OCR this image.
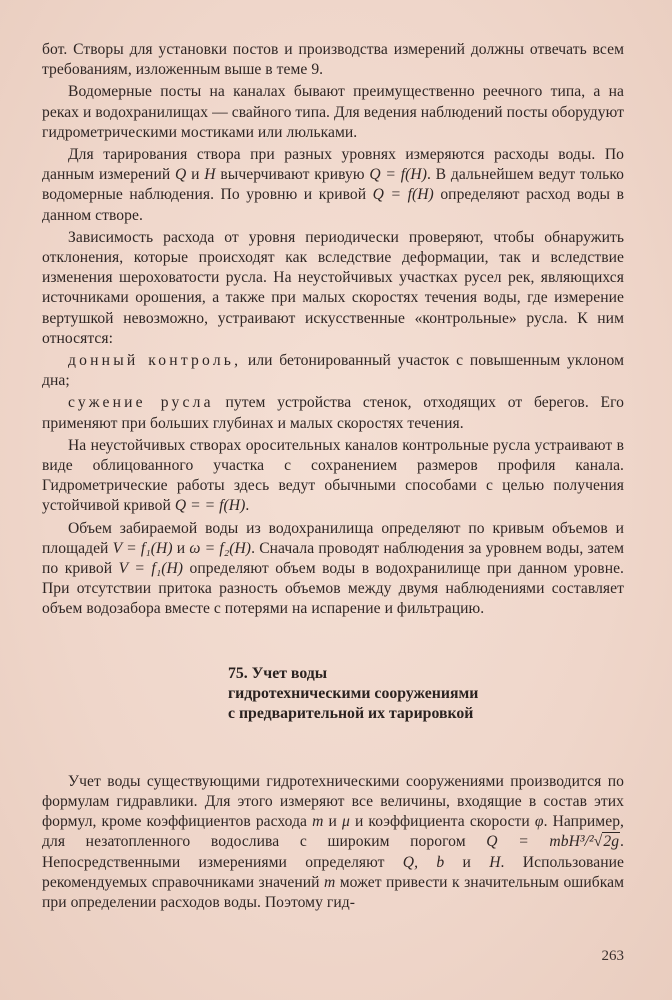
бот. Створы для установки постов и производства измерений должны отвечать всем требованиям, изложенным выше в теме 9.

Водомерные посты на каналах бывают преимущественно реечного типа, а на реках и водохранилищах — свайного типа. Для ведения наблюдений посты оборудуют гидрометрическими мостиками или люльками.

Для тарирования створа при разных уровнях измеряются расходы воды. По данным измерений Q и H вычерчивают кривую Q = f(H). В дальнейшем ведут только водомерные наблюдения. По уровню и кривой Q = f(H) определяют расход воды в данном створе.

Зависимость расхода от уровня периодически проверяют, чтобы обнаружить отклонения, которые происходят как вследствие деформации, так и вследствие изменения шероховатости русла. На неустойчивых участках русел рек, являющихся источниками орошения, а также при малых скоростях течения воды, где измерение вертушкой невозможно, устраивают искусственные «контрольные» русла. К ним относятся:

донный контроль, или бетонированный участок с повышенным уклоном дна;

сужение русла путем устройства стенок, отходящих от берегов. Его применяют при больших глубинах и малых скоростях течения.

На неустойчивых створах оросительных каналов контрольные русла устраивают в виде облицованного участка с сохранением размеров профиля канала. Гидрометрические работы здесь ведут обычными способами с целью получения устойчивой кривой Q = = f(H).

Объем забираемой воды из водохранилища определяют по кривым объемов и площадей V = f₁(H) и ω = f₂(H). Сначала проводят наблюдения за уровнем воды, затем по кривой V = f₁(H) определяют объем воды в водохранилище при данном уровне. При отсутствии притока разность объемов между двумя наблюдениями составляет объем водозабора вместе с потерями на испарение и фильтрацию.

75. Учет воды
гидротехническими сооружениями
с предварительной их тарировкой

Учет воды существующими гидротехническими сооружениями производится по формулам гидравлики. Для этого измеряют все величины, входящие в состав этих формул, кроме коэффициентов расхода m и μ и коэффициента скорости φ. Например, для незатопленного водослива с широким порогом Q = mbH³/²√2g. Непосредственными измерениями определяют Q, b и H. Использование рекомендуемых справочниками значений m может привести к значительным ошибкам при определении расходов воды. Поэтому гид-

263
